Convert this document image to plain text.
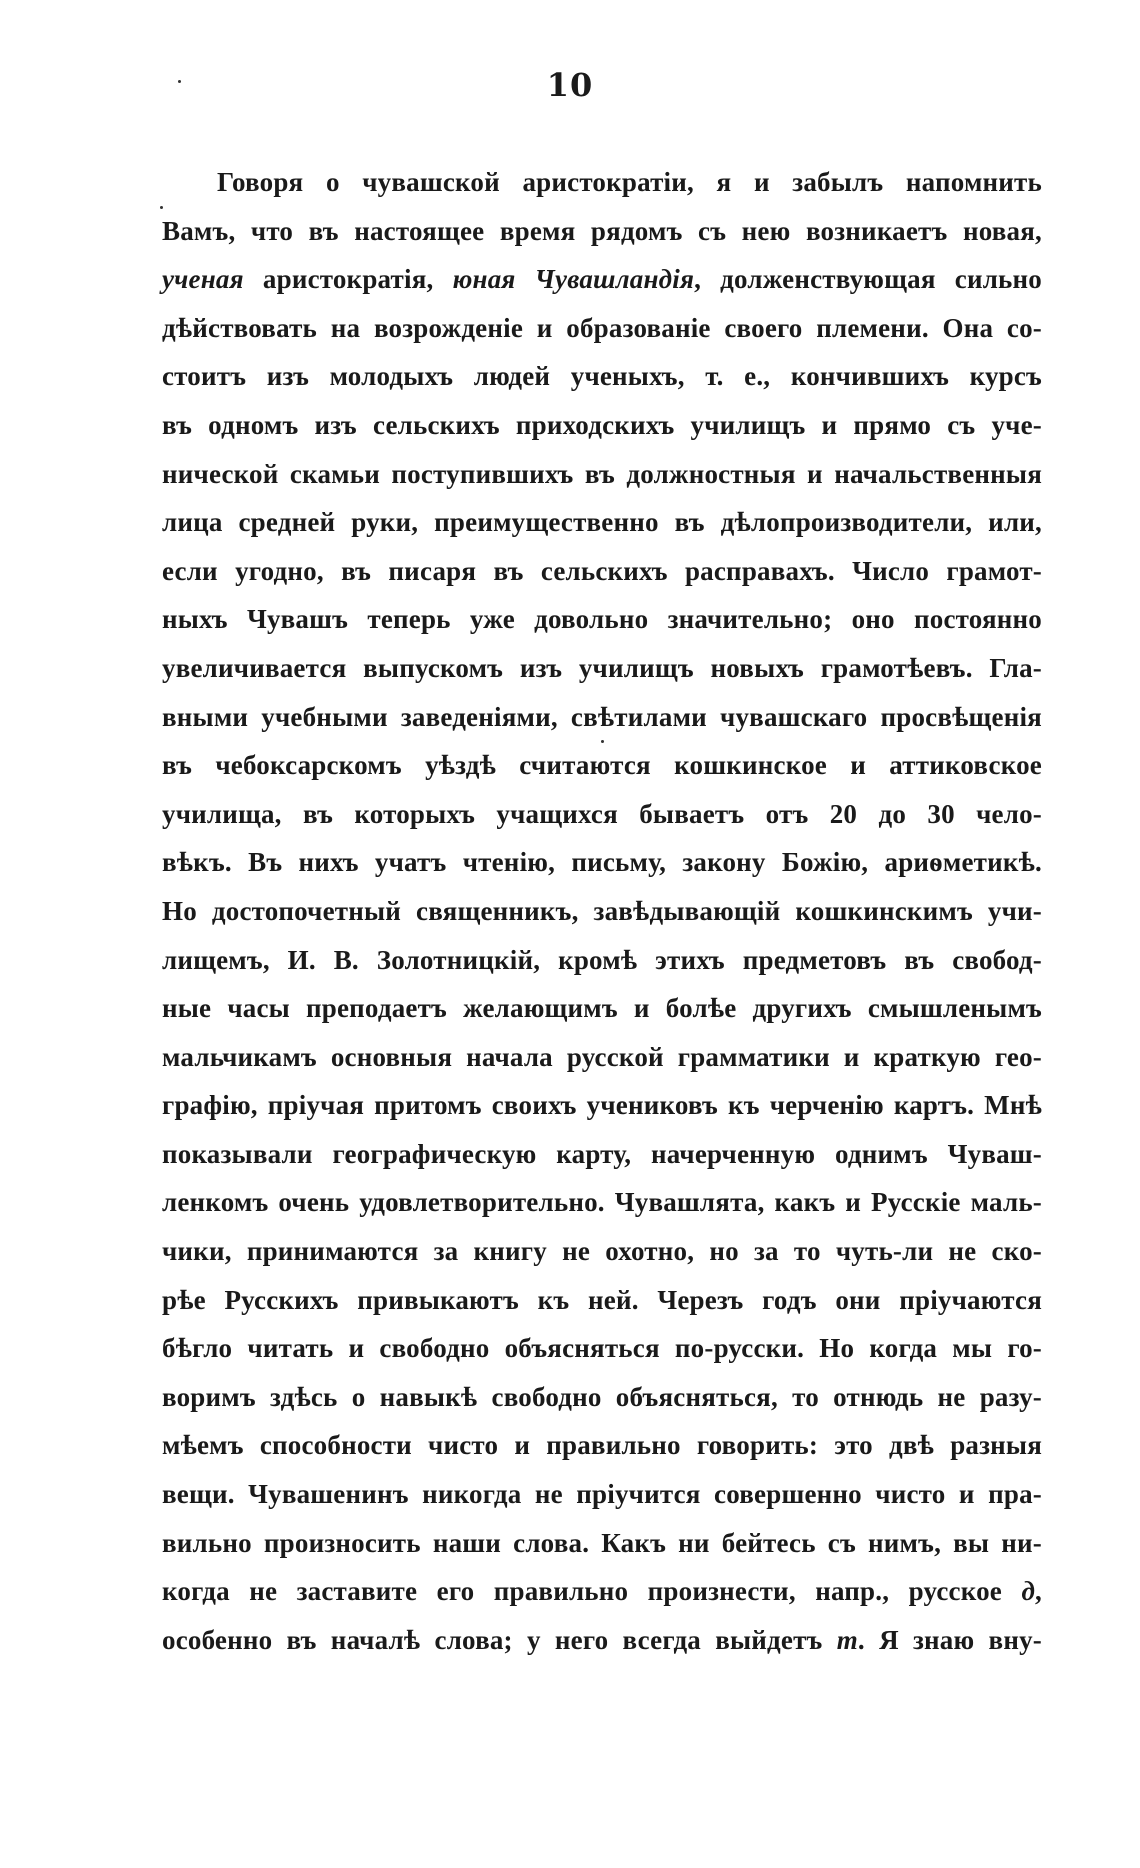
10
Говоря о чувашской аристократіи, я и забылъ напомнить
Вамъ, что въ настоящее время рядомъ съ нею возникаетъ новая,
ученая аристократія, юная Чувашландія, долженствующая сильно
дѣйствовать на возрожденіе и образованіе своего племени. Она со-
стоитъ изъ молодыхъ людей ученыхъ, т. е., кончившихъ курсъ
въ одномъ изъ сельскихъ приходскихъ училищъ и прямо съ уче-
нической скамьи поступившихъ въ должностныя и начальственныя
лица средней руки, преимущественно въ дѣлопроизводители, или,
если угодно, въ писаря въ сельскихъ расправахъ. Число грамот-
ныхъ Чувашъ теперь уже довольно значительно; оно постоянно
увеличивается выпускомъ изъ училищъ новыхъ грамотѣевъ. Гла-
вными учебными заведеніями, свѣтилами чувашскаго просвѣщенія
въ чебоксарскомъ уѣздѣ считаются кошкинское и аттиковское
училища, въ которыхъ учащихся бываетъ отъ 20 до 30 чело-
вѣкъ. Въ нихъ учатъ чтенію, письму, закону Божію, ариѳметикѣ.
Но достопочетный священникъ, завѣдывающій кошкинскимъ учи-
лищемъ, И. В. Золотницкій, кромѣ этихъ предметовъ въ свобод-
ные часы преподаетъ желающимъ и болѣе другихъ смышленымъ
мальчикамъ основныя начала русской грамматики и краткую гео-
графію, пріучая притомъ своихъ учениковъ къ черченію картъ. Мнѣ
показывали географическую карту, начерченную однимъ Чуваш-
ленкомъ очень удовлетворительно. Чувашлята, какъ и Русскіе маль-
чики, принимаются за книгу не охотно, но за то чуть-ли не ско-
рѣе Русскихъ привыкаютъ къ ней. Черезъ годъ они пріучаются
бѣгло читать и свободно объясняться по-русски. Но когда мы го-
воримъ здѣсь о навыкѣ свободно объясняться, то отнюдь не разу-
мѣемъ способности чисто и правильно говорить: это двѣ разныя
вещи. Чувашенинъ никогда не пріучится совершенно чисто и пра-
вильно произносить наши слова. Какъ ни бейтесь съ нимъ, вы ни-
когда не заставите его правильно произнести, напр., русское д,
особенно въ началѣ слова; у него всегда выйдетъ т. Я знаю вну-
